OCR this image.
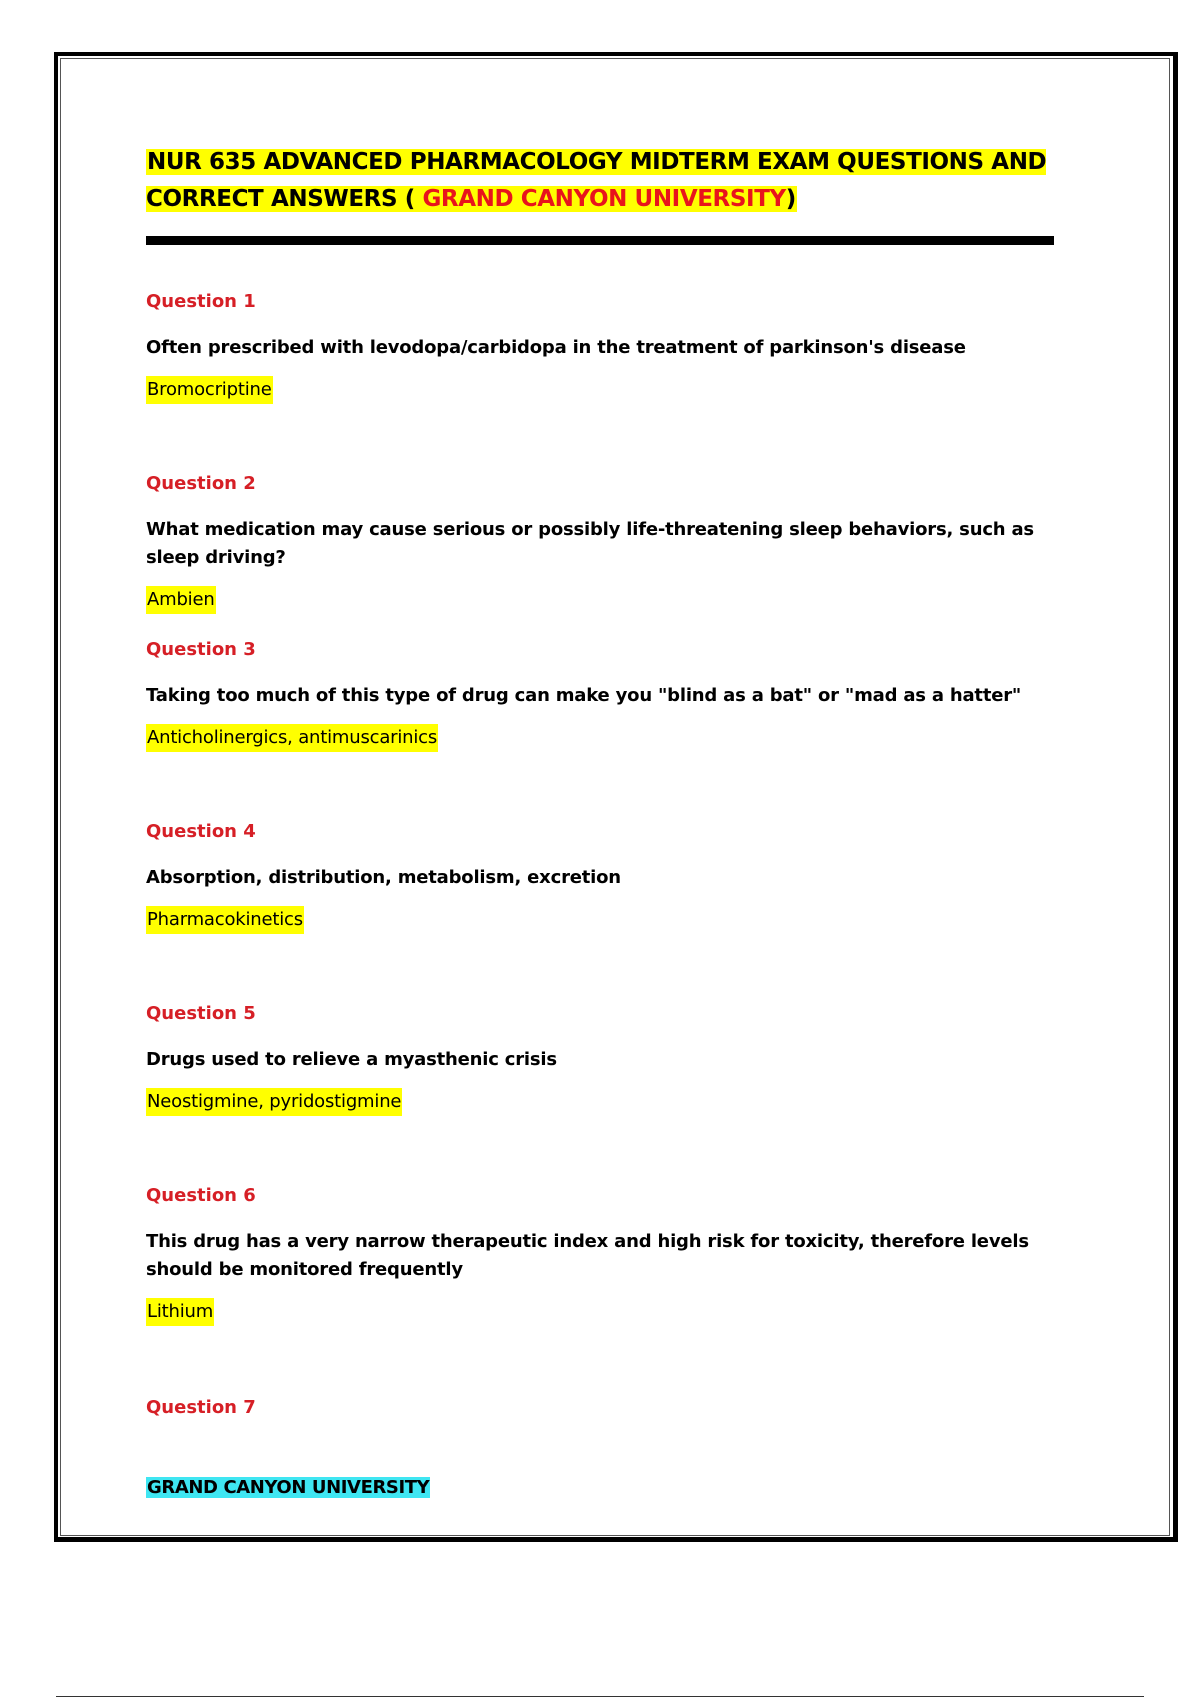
NUR 635 ADVANCED PHARMACOLOGY MIDTERM EXAM QUESTIONS AND CORRECT ANSWERS ( GRAND CANYON UNIVERSITY)

Question 1

Often prescribed with levodopa/carbidopa in the treatment of parkinson's disease

Bromocriptine

Question 2

What medication may cause serious or possibly life-threatening sleep behaviors, such as sleep driving?

Ambien

Question 3

Taking too much of this type of drug can make you "blind as a bat" or "mad as a hatter"

Anticholinergics, antimuscarinics

Question 4

Absorption, distribution, metabolism, excretion

Pharmacokinetics

Question 5

Drugs used to relieve a myasthenic crisis

Neostigmine, pyridostigmine

Question 6

This drug has a very narrow therapeutic index and high risk for toxicity, therefore levels should be monitored frequently

Lithium

Question 7

GRAND CANYON UNIVERSITY
